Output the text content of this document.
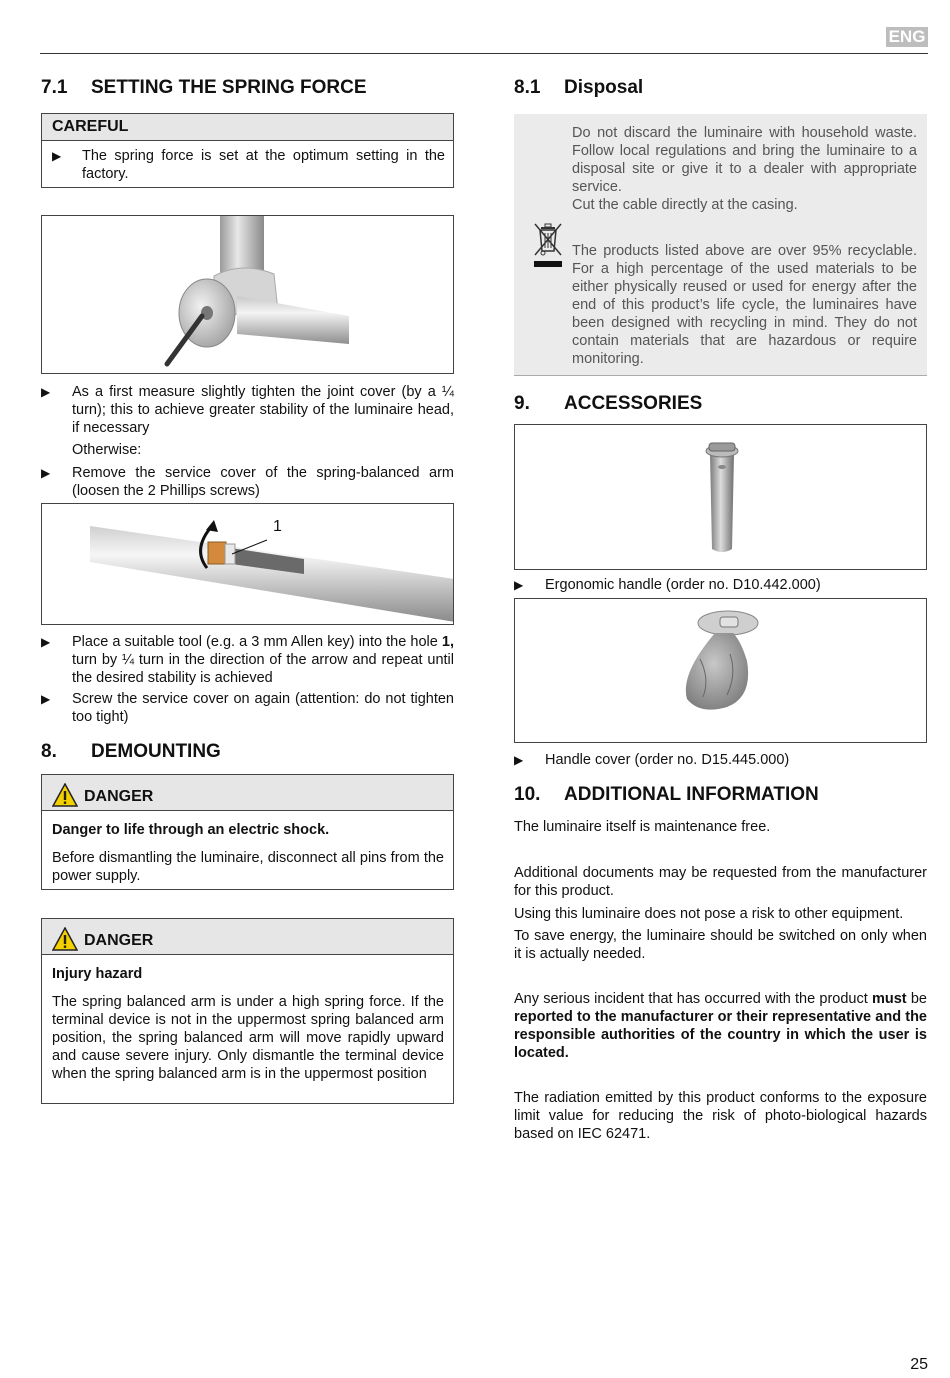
ENG
7.1 SETTING THE SPRING FORCE
CAREFUL
▶	The spring force is set at the optimum setting in the factory.
▶	As a first measure slightly tighten the joint cover (by a ¼ turn); this to achieve greater stability of the luminaire head, if necessary
Otherwise:
▶	Remove the service cover of the spring-balanced arm (loosen the 2 Phillips screws)
1
▶	Place a suitable tool (e.g. a 3 mm Allen key) into the hole 1, turn by ¼ turn in the direction of the arrow and repeat until the desired stability is achieved
▶	Screw the service cover on again (attention: do not tighten too tight)
8. DEMOUNTING
DANGER
Danger to life through an electric shock.
Before dismantling the luminaire, disconnect all pins from the power supply.
DANGER
Injury hazard
The spring balanced arm is under a high spring force. If the terminal device is not in the uppermost spring balanced arm position, the spring balanced arm will move rapidly upward and cause severe injury. Only dismantle the terminal device when the spring balanced arm is in the uppermost position
8.1 Disposal
Do not discard the luminaire with household waste. Follow local regulations and bring the luminaire to a disposal site or give it to a dealer with appropriate service.
Cut the cable directly at the casing.
The products listed above are over 95% recyclable. For a high percentage of the used materials to be either physically reused or used for energy after the end of this product’s life cycle, the luminaires have been designed with recycling in mind. They do not contain materials that are hazardous or require monitoring.
9. ACCESSORIES
▶	Ergonomic handle (order no. D10.442.000)
▶	Handle cover (order no. D15.445.000)
10. ADDITIONAL INFORMATION
The luminaire itself is maintenance free.
Additional documents may be requested from the manufacturer for this product.
Using this luminaire does not pose a risk to other equipment.
To save energy, the luminaire should be switched on only when it is actually needed.
Any serious incident that has occurred with the product must be reported to the manufacturer or their representative and the responsible authorities of the country in which the user is located.
The radiation emitted by this product conforms to the exposure limit value for reducing the risk of photo-biological hazards based on IEC 62471.
25
